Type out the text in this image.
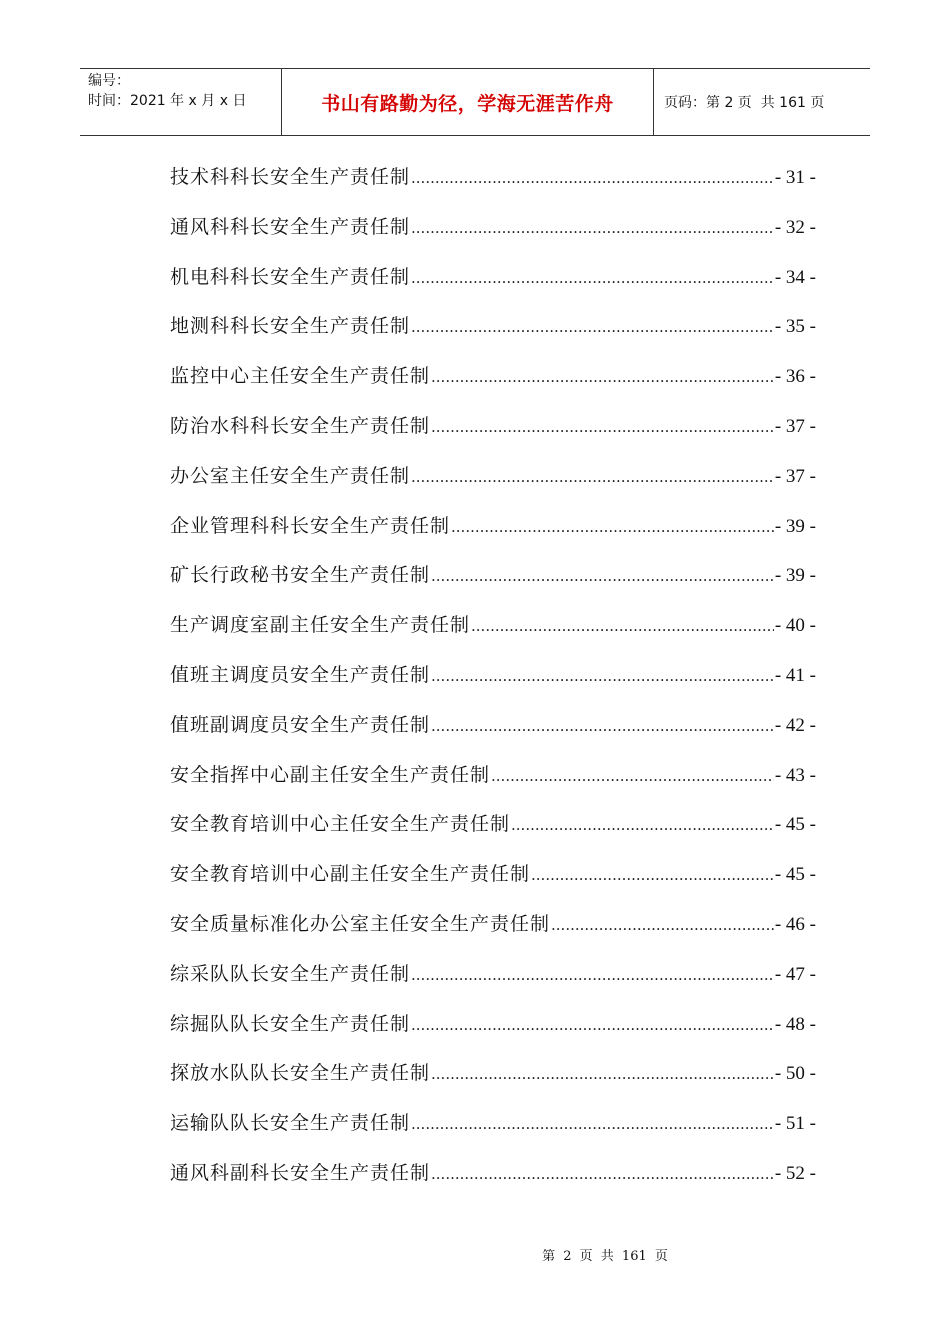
编号：
时间：2021 年 x 月 x 日	书山有路勤为径，学海无涯苦作舟	页码：第 2 页  共 161 页
技术科科长安全生产责任制 .....	- 31 -
通风科科长安全生产责任制 .....	- 32 -
机电科科长安全生产责任制 .....	- 34 -
地测科科长安全生产责任制 .....	- 35 -
监控中心主任安全生产责任制 .....	- 36 -
防治水科科长安全生产责任制 .....	- 37 -
办公室主任安全生产责任制 .....	- 37 -
企业管理科科长安全生产责任制 .....	- 39 -
矿长行政秘书安全生产责任制 .....	- 39 -
生产调度室副主任安全生产责任制 .....	- 40 -
值班主调度员安全生产责任制 .....	- 41 -
值班副调度员安全生产责任制 .....	- 42 -
安全指挥中心副主任安全生产责任制 .....	- 43 -
安全教育培训中心主任安全生产责任制 .....	- 45 -
安全教育培训中心副主任安全生产责任制 .....	- 45 -
安全质量标准化办公室主任安全生产责任制 .....	- 46 -
综采队队长安全生产责任制 .....	- 47 -
综掘队队长安全生产责任制 .....	- 48 -
探放水队队长安全生产责任制 .....	- 50 -
运输队队长安全生产责任制 .....	- 51 -
通风科副科长安全生产责任制 .....	- 52 -
第 2 页 共 161 页
